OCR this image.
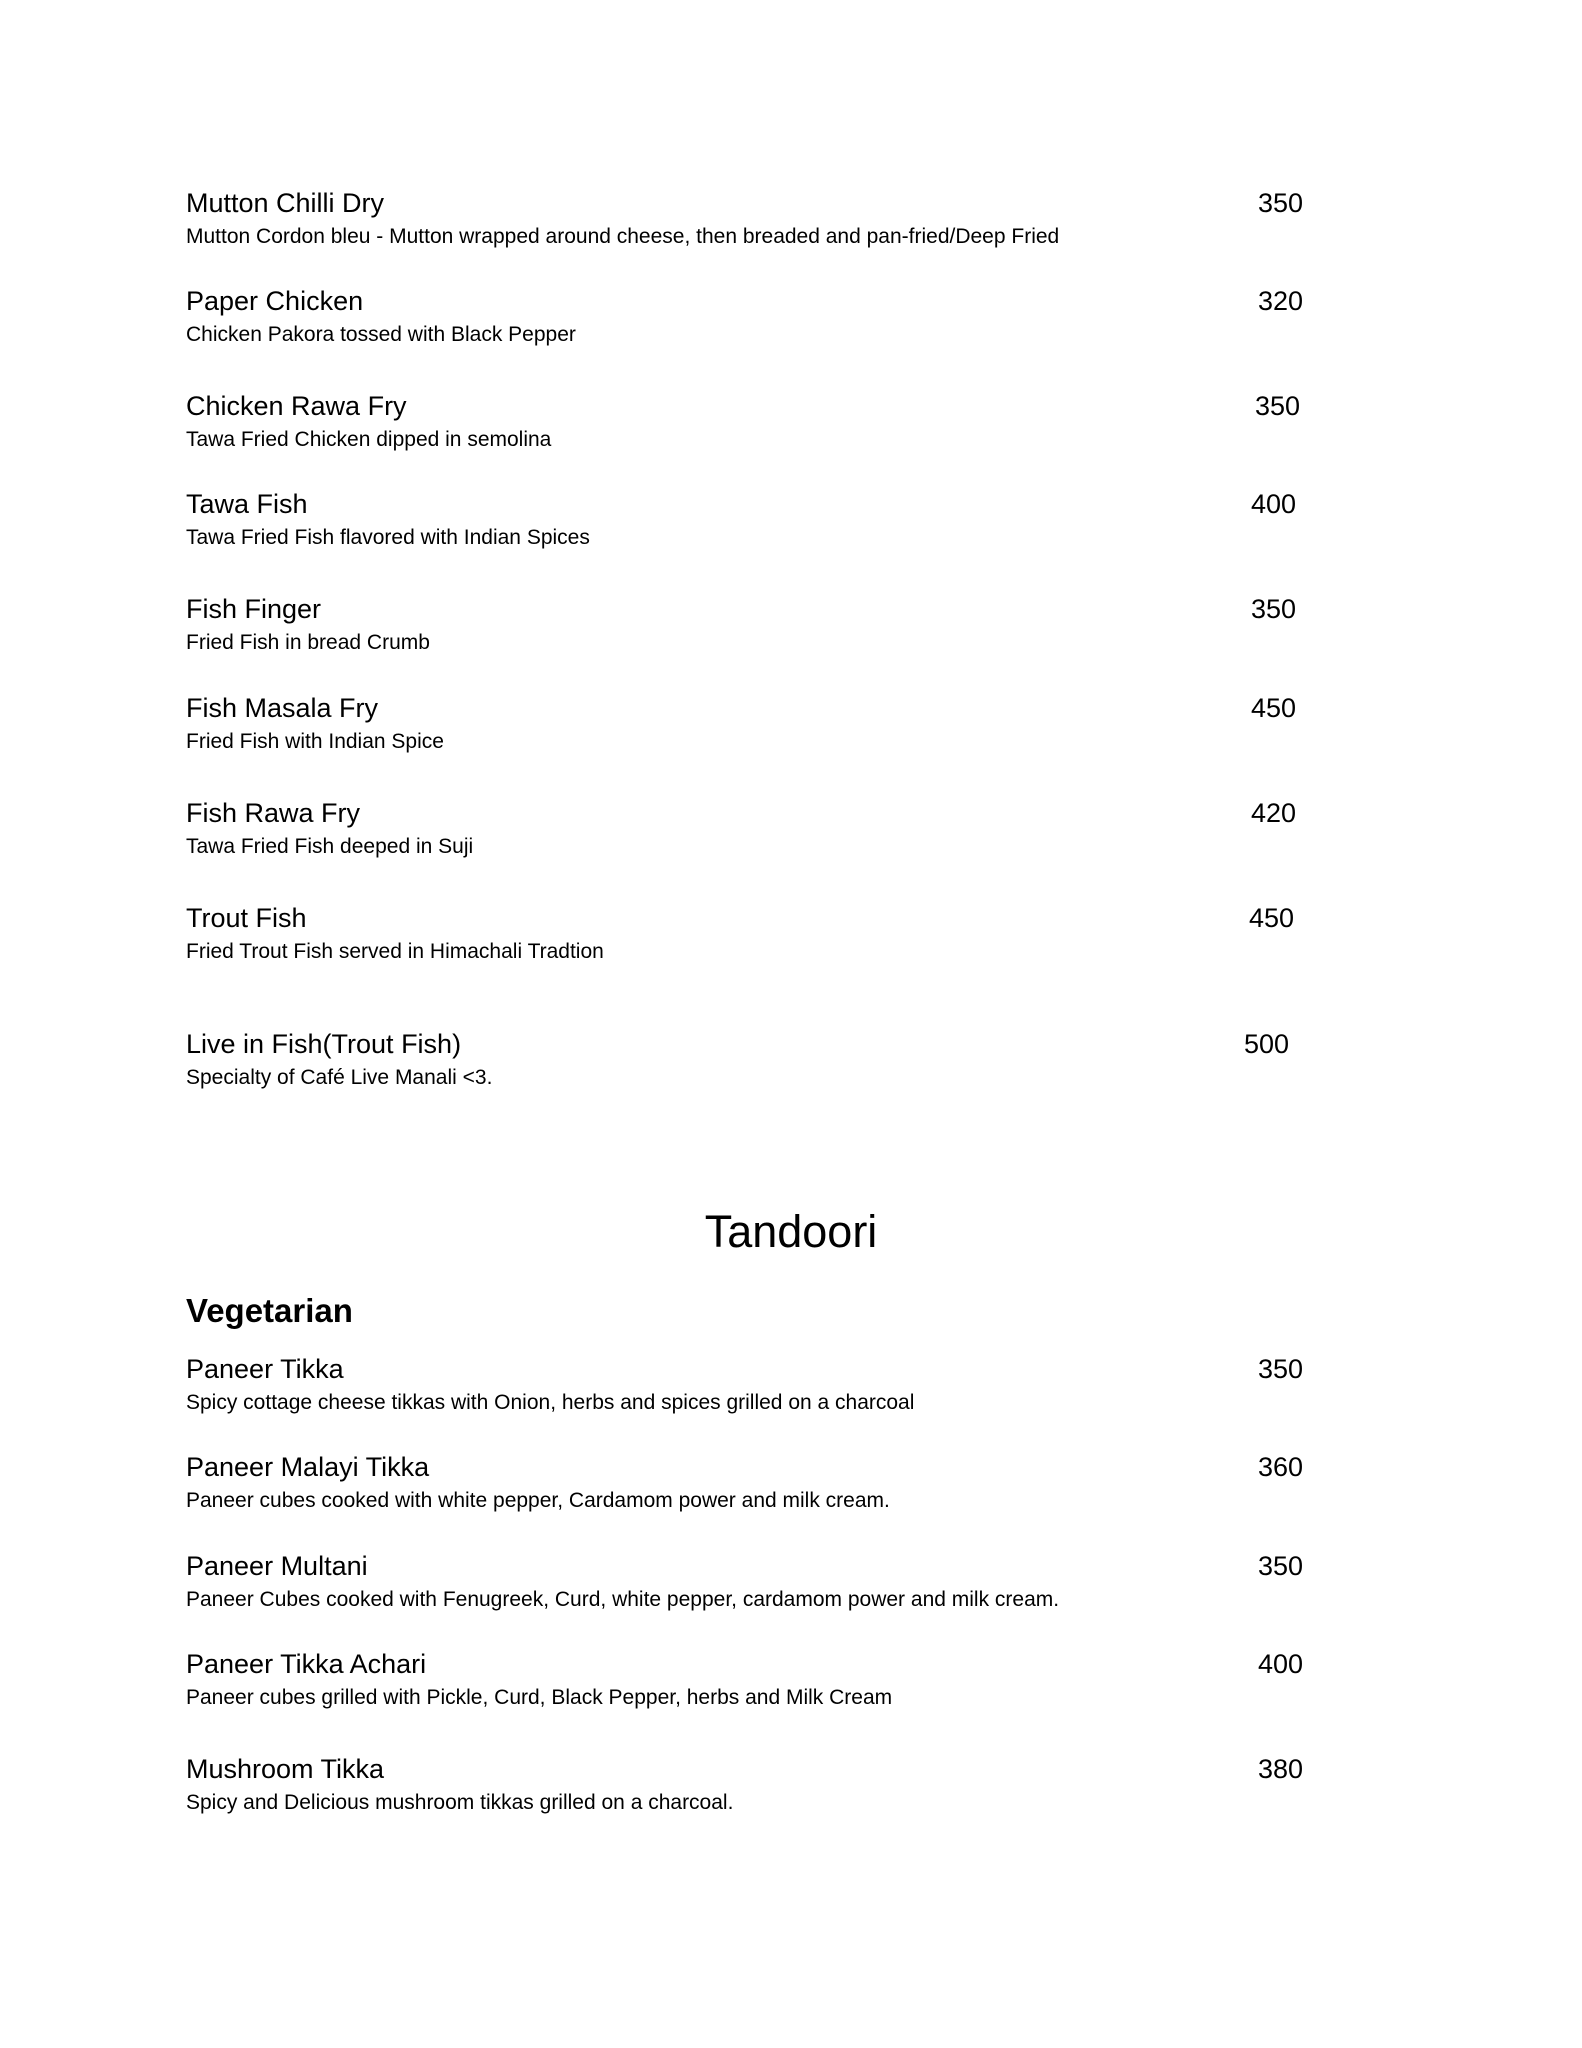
Mutton Chilli Dry	350
Mutton Cordon bleu - Mutton wrapped around cheese, then breaded and pan-fried/Deep Fried
Paper Chicken	320
Chicken Pakora tossed with Black Pepper
Chicken Rawa Fry	350
Tawa Fried Chicken dipped in semolina
Tawa Fish	400
Tawa Fried Fish flavored with Indian Spices
Fish Finger	350
Fried Fish in bread Crumb
Fish Masala Fry	450
Fried Fish with Indian Spice
Fish Rawa Fry	420
Tawa Fried Fish deeped in Suji
Trout Fish	450
Fried Trout Fish served in Himachali Tradtion
Live in Fish(Trout Fish)	500
Specialty of Café Live Manali <3.
Tandoori
Vegetarian
Paneer Tikka	350
Spicy cottage cheese tikkas with Onion, herbs and spices grilled on a charcoal
Paneer Malayi Tikka	360
Paneer cubes cooked with white pepper, Cardamom power and milk cream.
Paneer Multani	350
Paneer Cubes cooked with Fenugreek, Curd, white pepper, cardamom power and milk cream.
Paneer Tikka Achari	400
Paneer cubes grilled with Pickle, Curd, Black Pepper, herbs and Milk Cream
Mushroom Tikka	380
Spicy and Delicious mushroom tikkas grilled on a charcoal.
